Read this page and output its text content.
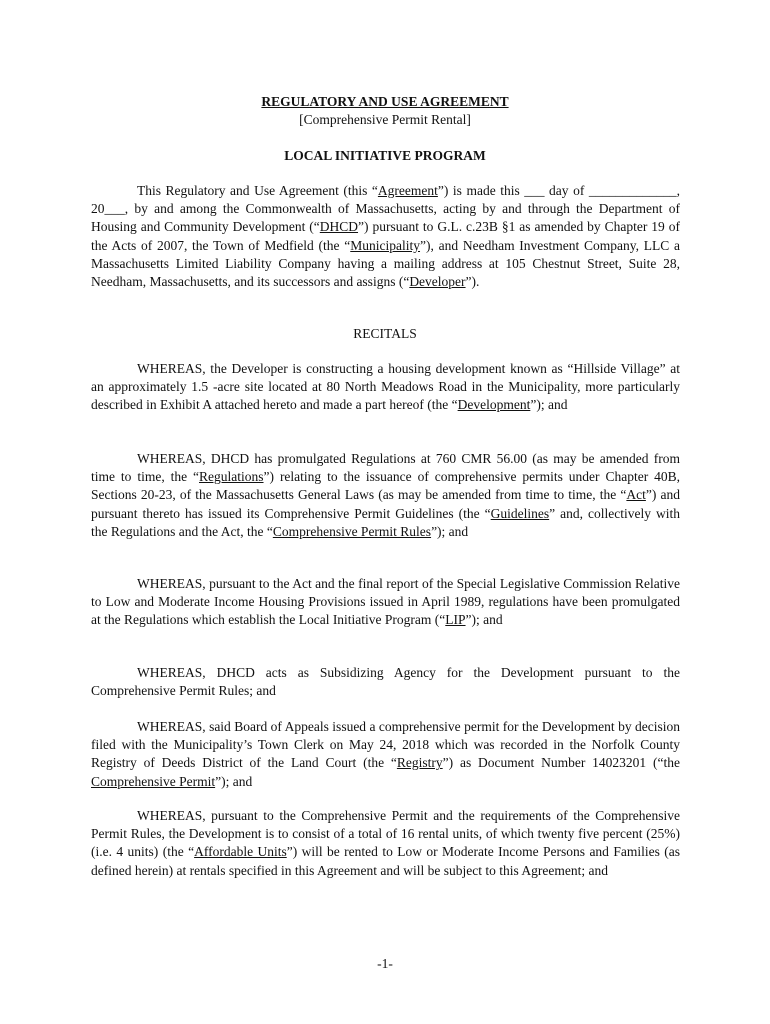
REGULATORY AND USE AGREEMENT
[Comprehensive Permit Rental]
LOCAL INITIATIVE PROGRAM

This Regulatory and Use Agreement (this “Agreement”) is made this ___ day of _____________, 20___, by and among the Commonwealth of Massachusetts, acting by and through the Department of Housing and Community Development (“DHCD”) pursuant to G.L. c.23B §1 as amended by Chapter 19 of the Acts of 2007, the Town of Medfield (the “Municipality”), and Needham Investment Company, LLC a Massachusetts Limited Liability Company having a mailing address at 105 Chestnut Street, Suite 28, Needham, Massachusetts, and its successors and assigns (“Developer”).

RECITALS

WHEREAS, the Developer is constructing a housing development known as “Hillside Village” at an approximately 1.5 -acre site located at 80 North Meadows Road in the Municipality, more particularly described in Exhibit A attached hereto and made a part hereof (the “Development”); and

WHEREAS, DHCD has promulgated Regulations at 760 CMR 56.00 (as may be amended from time to time, the “Regulations”) relating to the issuance of comprehensive permits under Chapter 40B, Sections 20-23, of the Massachusetts General Laws (as may be amended from time to time, the “Act”) and pursuant thereto has issued its Comprehensive Permit Guidelines (the “Guidelines” and, collectively with the Regulations and the Act, the “Comprehensive Permit Rules”); and

WHEREAS, pursuant to the Act and the final report of the Special Legislative Commission Relative to Low and Moderate Income Housing Provisions issued in April 1989, regulations have been promulgated at the Regulations which establish the Local Initiative Program (“LIP”); and

WHEREAS, DHCD acts as Subsidizing Agency for the Development pursuant to the Comprehensive Permit Rules; and

WHEREAS, said Board of Appeals issued a comprehensive permit for the Development by decision filed with the Municipality’s Town Clerk on May 24, 2018 which was recorded in the Norfolk County Registry of Deeds District of the Land Court (the “Registry”) as Document Number 14023201 (“the Comprehensive Permit”); and

WHEREAS, pursuant to the Comprehensive Permit and the requirements of the Comprehensive Permit Rules, the Development is to consist of a total of 16 rental units, of which twenty five percent (25%) (i.e. 4 units) (the “Affordable Units”) will be rented to Low or Moderate Income Persons and Families (as defined herein) at rentals specified in this Agreement and will be subject to this Agreement; and

-1-
